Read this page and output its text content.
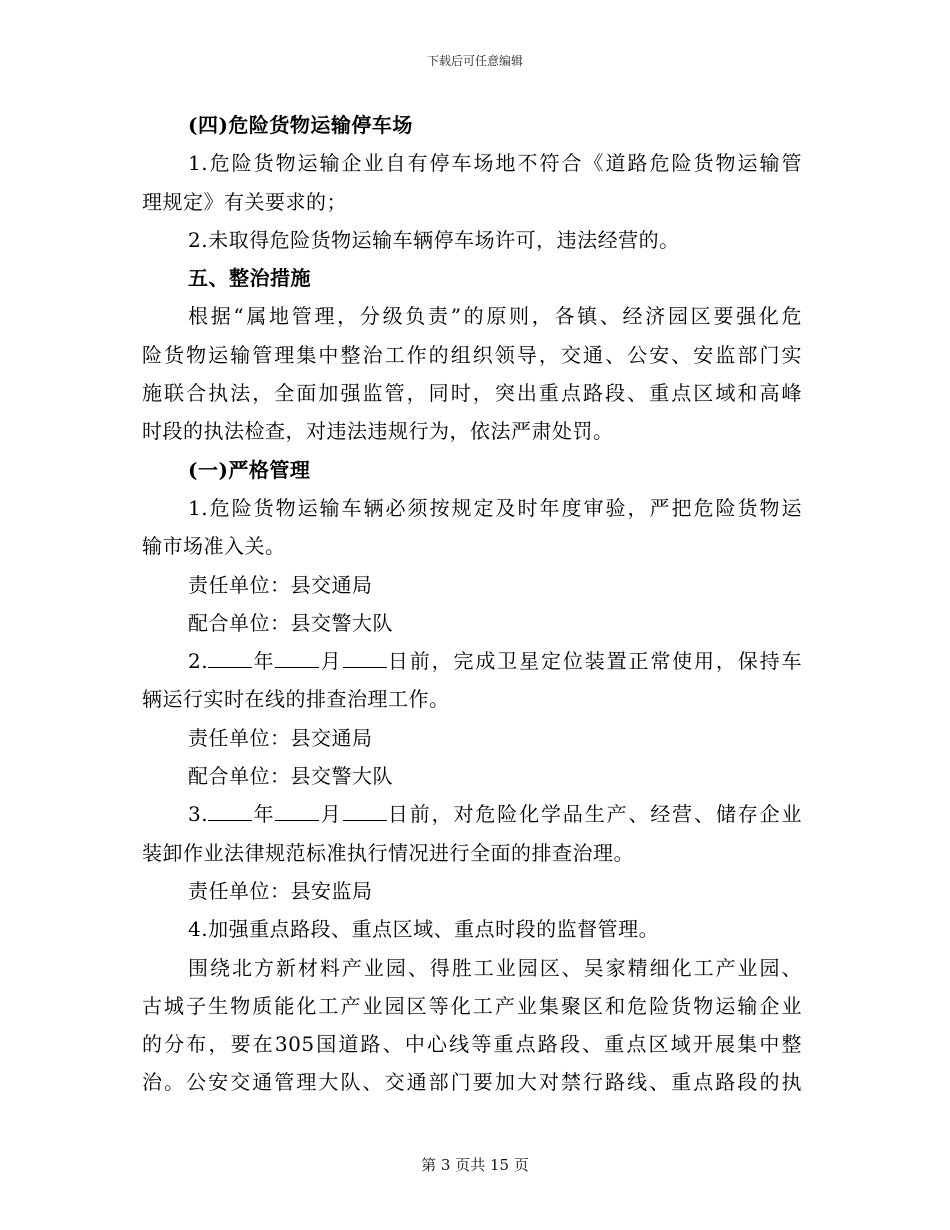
下载后可任意编辑
(四)危险货物运输停车场
1.危险货物运输企业自有停车场地不符合《道路危险货物运输管
理规定》有关要求的；
2.未取得危险货物运输车辆停车场许可，违法经营的。
五、整治措施
根据“属地管理，分级负责”的原则，各镇、经济园区要强化危
险货物运输管理集中整治工作的组织领导，交通、公安、安监部门实
施联合执法，全面加强监管，同时，突出重点路段、重点区域和高峰
时段的执法检查，对违法违规行为，依法严肃处罚。
(一)严格管理
1.危险货物运输车辆必须按规定及时年度审验，严把危险货物运
输市场准入关。
责任单位：县交通局
配合单位：县交警大队
2. 年 月 日前，完成卫星定位装置正常使用，保持车
辆运行实时在线的排查治理工作。
责任单位：县交通局
配合单位：县交警大队
3. 年 月 日前，对危险化学品生产、经营、储存企业
装卸作业法律规范标准执行情况进行全面的排查治理。
责任单位：县安监局
4.加强重点路段、重点区域、重点时段的监督管理。
围绕北方新材料产业园、得胜工业园区、吴家精细化工产业园、
古城子生物质能化工产业园区等化工产业集聚区和危险货物运输企业
的分布，要在305国道路、中心线等重点路段、重点区域开展集中整
治。公安交通管理大队、交通部门要加大对禁行路线、重点路段的执
第 3 页共 15 页
